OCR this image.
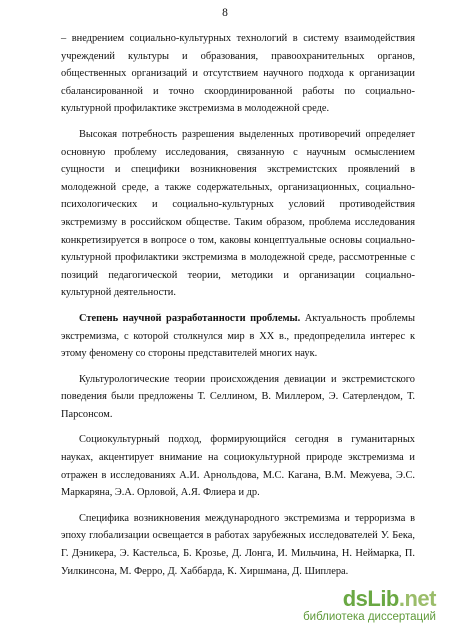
8

– внедрением социально-культурных технологий в систему взаимодействия учреждений культуры и образования, правоохранительных органов, общественных организаций и отсутствием научного подхода к организации сбалансированной и точно скоординированной работы по социально-культурной профилактике экстремизма в молодежной среде.

Высокая потребность разрешения выделенных противоречий определяет основную проблему исследования, связанную с научным осмыслением сущности и специфики возникновения экстремистских проявлений в молодежной среде, а также содержательных, организационных, социально-психологических и социально-культурных условий противодействия экстремизму в российском обществе. Таким образом, проблема исследования конкретизируется в вопросе о том, каковы концептуальные основы социально-культурной профилактики экстремизма в молодежной среде, рассмотренные с позиций педагогической теории, методики и организации социально-культурной деятельности.

Степень научной разработанности проблемы. Актуальность проблемы экстремизма, с которой столкнулся мир в XX в., предопределила интерес к этому феномену со стороны представителей многих наук.

Культурологические теории происхождения девиации и экстремистского поведения были предложены Т. Селлином, В. Миллером, Э. Сатерлендом, Т. Парсонсом.

Социокультурный подход, формирующийся сегодня в гуманитарных науках, акцентирует внимание на социокультурной природе экстремизма и отражен в исследованиях А.И. Арнольдова, М.С. Кагана, В.М. Межуева, Э.С. Маркаряна, Э.А. Орловой, А.Я. Флиера и др.

Специфика возникновения международного экстремизма и терроризма в эпоху глобализации освещается в работах зарубежных исследователей У. Бека, Г. Дэникера, Э. Кастельса, Б. Крозье, Д. Лонга, И. Мильчина, Н. Неймарка, П. Уилкинсона, М. Ферро, Д. Хаббарда, К. Хиршмана, Д. Шиплера.

dsLib.net
библиотека диссертаций
